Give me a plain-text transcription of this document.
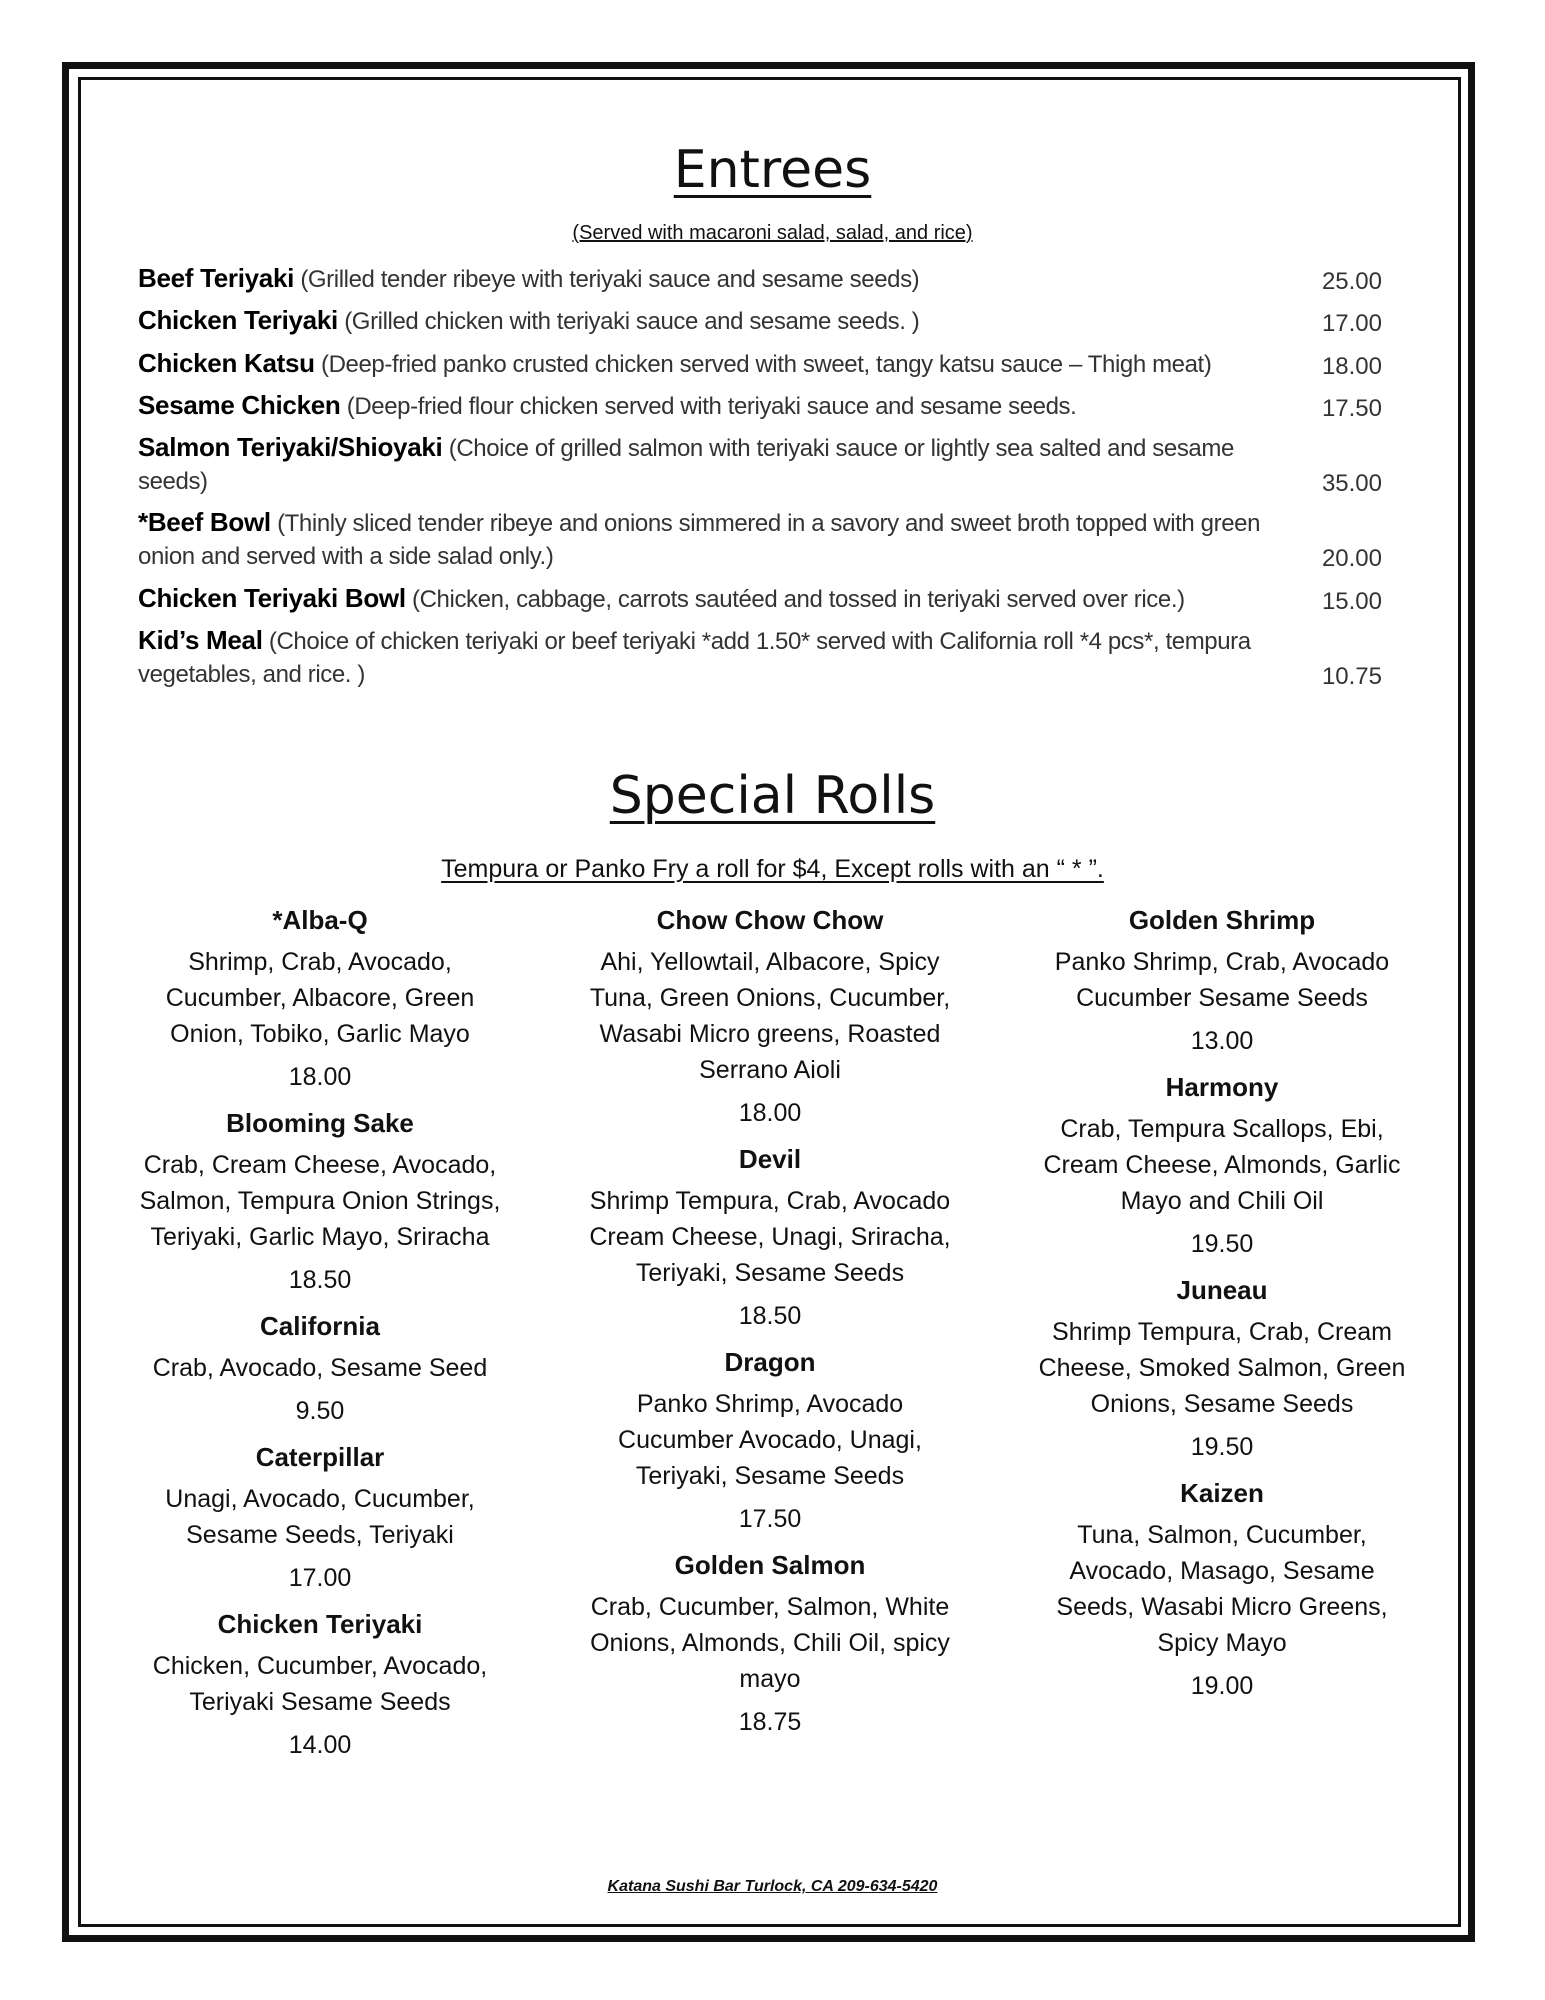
Entrees
(Served with macaroni salad, salad, and rice)
Beef Teriyaki (Grilled tender ribeye with teriyaki sauce and sesame seeds)	25.00
Chicken Teriyaki (Grilled chicken with teriyaki sauce and sesame seeds. )	17.00
Chicken Katsu (Deep-fried panko crusted chicken served with sweet, tangy katsu sauce – Thigh meat)	18.00
Sesame Chicken (Deep-fried flour chicken served with teriyaki sauce and sesame seeds.	17.50
Salmon Teriyaki/Shioyaki (Choice of grilled salmon with teriyaki sauce or lightly sea salted and sesame seeds)	35.00
*Beef Bowl (Thinly sliced tender ribeye and onions simmered in a savory and sweet broth topped with green onion and served with a side salad only.)	20.00
Chicken Teriyaki Bowl (Chicken, cabbage, carrots sautéed and tossed in teriyaki served over rice.)	15.00
Kid’s Meal (Choice of chicken teriyaki or beef teriyaki *add 1.50* served with California roll *4 pcs*, tempura vegetables, and rice. )	10.75
Special Rolls
Tempura or Panko Fry a roll for $4, Except rolls with an “ * ”.
*Alba-Q
Shrimp, Crab, Avocado, Cucumber, Albacore, Green Onion, Tobiko, Garlic Mayo
18.00
Blooming Sake
Crab, Cream Cheese, Avocado, Salmon, Tempura Onion Strings, Teriyaki, Garlic Mayo, Sriracha
18.50
California
Crab, Avocado, Sesame Seed
9.50
Caterpillar
Unagi, Avocado, Cucumber, Sesame Seeds, Teriyaki
17.00
Chicken Teriyaki
Chicken, Cucumber, Avocado, Teriyaki Sesame Seeds
14.00
Chow Chow Chow
Ahi, Yellowtail, Albacore, Spicy Tuna, Green Onions, Cucumber, Wasabi Micro greens, Roasted Serrano Aioli
18.00
Devil
Shrimp Tempura, Crab, Avocado Cream Cheese, Unagi, Sriracha, Teriyaki, Sesame Seeds
18.50
Dragon
Panko Shrimp, Avocado Cucumber Avocado, Unagi, Teriyaki, Sesame Seeds
17.50
Golden Salmon
Crab, Cucumber, Salmon, White Onions, Almonds, Chili Oil, spicy mayo
18.75
Golden Shrimp
Panko Shrimp, Crab, Avocado Cucumber Sesame Seeds
13.00
Harmony
Crab, Tempura Scallops, Ebi, Cream Cheese, Almonds, Garlic Mayo and Chili Oil
19.50
Juneau
Shrimp Tempura, Crab, Cream Cheese, Smoked Salmon, Green Onions, Sesame Seeds
19.50
Kaizen
Tuna, Salmon, Cucumber, Avocado, Masago, Sesame Seeds, Wasabi Micro Greens, Spicy Mayo
19.00
Katana Sushi Bar Turlock, CA 209-634-5420
